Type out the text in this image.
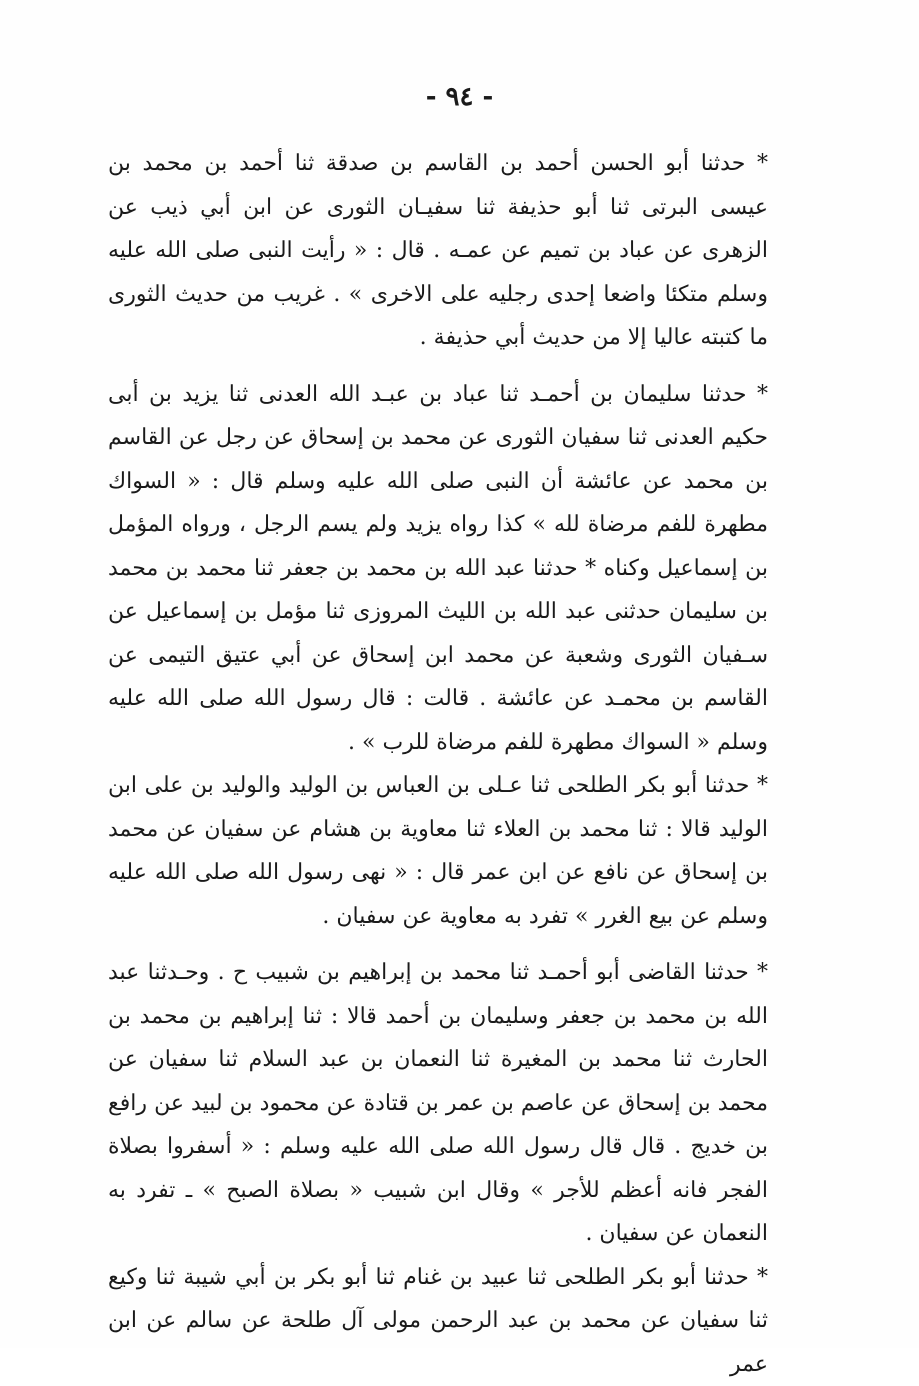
- ٩٤ -

* حدثنا أبو الحسن أحمد بن القاسم بن صدقة ثنا أحمد بن محمد بن عيسى البرتى ثنا أبو حذيفة ثنا سفيـان الثورى عن ابن أبي ذيب عن الزهرى عن عباد بن تميم عن عمـه . قال : « رأيت النبى صلى الله عليه وسلم متكئا واضعا إحدى رجليه على الاخرى » . غريب من حديث الثورى ما كتبته عاليا إلا من حديث أبي حذيفة .

* حدثنا سليمان بن أحمـد ثنا عباد بن عبـد الله العدنى ثنا يزيد بن أبى حكيم العدنى ثنا سفيان الثورى عن محمد بن إسحاق عن رجل عن القاسم بن محمد عن عائشة أن النبى صلى الله عليه وسلم قال : « السواك مطهرة للفم مرضاة لله » كذا رواه يزيد ولم يسم الرجل ، ورواه المؤمل بن إسماعيل وكناه * حدثنا عبد الله بن محمد بن جعفر ثنا محمد بن محمد بن سليمان حدثنى عبد الله بن الليث المروزى ثنا مؤمل بن إسماعيل عن سـفيان الثورى وشعبة عن محمد ابن إسحاق عن أبي عتيق التيمى عن القاسم بن محمـد عن عائشة . قالت : قال رسول الله صلى الله عليه وسلم « السواك مطهرة للفم مرضاة للرب » .

* حدثنا أبو بكر الطلحى ثنا عـلى بن العباس بن الوليد والوليد بن على ابن الوليد قالا : ثنا محمد بن العلاء ثنا معاوية بن هشام عن سفيان عن محمد بن إسحاق عن نافع عن ابن عمر قال : « نهى رسول الله صلى الله عليه وسلم عن بيع الغرر » تفرد به معاوية عن سفيان .

* حدثنا القاضى أبو أحمـد ثنا محمد بن إبراهيم بن شبيب ح . وحـدثنا عبد الله بن محمد بن جعفر وسليمان بن أحمد قالا : ثنا إبراهيم بن محمد بن الحارث ثنا محمد بن المغيرة ثنا النعمان بن عبد السلام ثنا سفيان عن محمد بن إسحاق عن عاصم بن عمر بن قتادة عن محمود بن لبيد عن رافع بن خديج . قال قال رسول الله صلى الله عليه وسلم : « أسفروا بصلاة الفجر فانه أعظم للأجر » وقال ابن شبيب « بصلاة الصبح » ـ تفرد به النعمان عن سفيان .

* حدثنا أبو بكر الطلحى ثنا عبيد بن غنام ثنا أبو بكر بن أبي شيبة ثنا وكيع ثنا سفيان عن محمد بن عبد الرحمن مولى آل طلحة عن سالم عن ابن عمر
